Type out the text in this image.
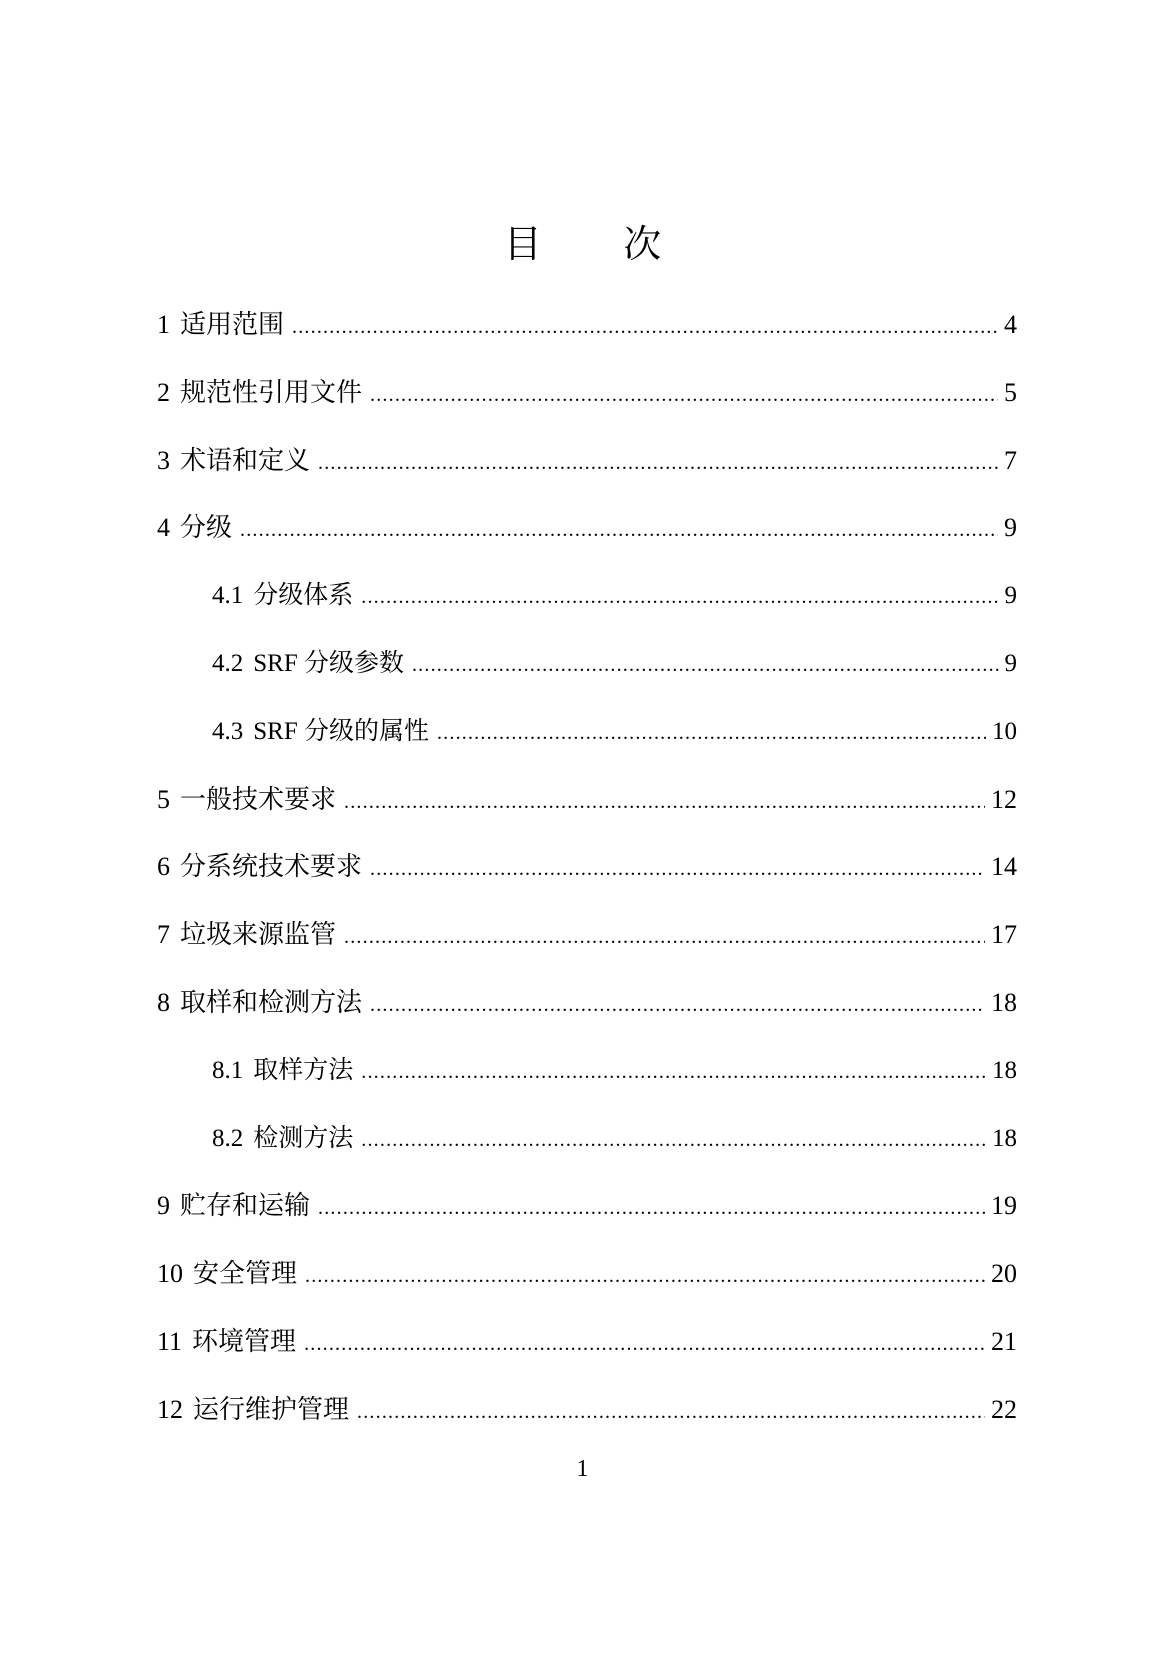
目 次
1 适用范围 .....	4
2 规范性引用文件 .....	5
3 术语和定义 .....	7
4 分级 .....	9
4.1 分级体系 .....	9
4.2 SRF 分级参数 .....	9
4.3 SRF 分级的属性 .....	10
5 一般技术要求 .....	12
6 分系统技术要求 .....	14
7 垃圾来源监管 .....	17
8 取样和检测方法 .....	18
8.1 取样方法 .....	18
8.2 检测方法 .....	18
9 贮存和运输 .....	19
10 安全管理 .....	20
11 环境管理 .....	21
12 运行维护管理 .....	22
1
